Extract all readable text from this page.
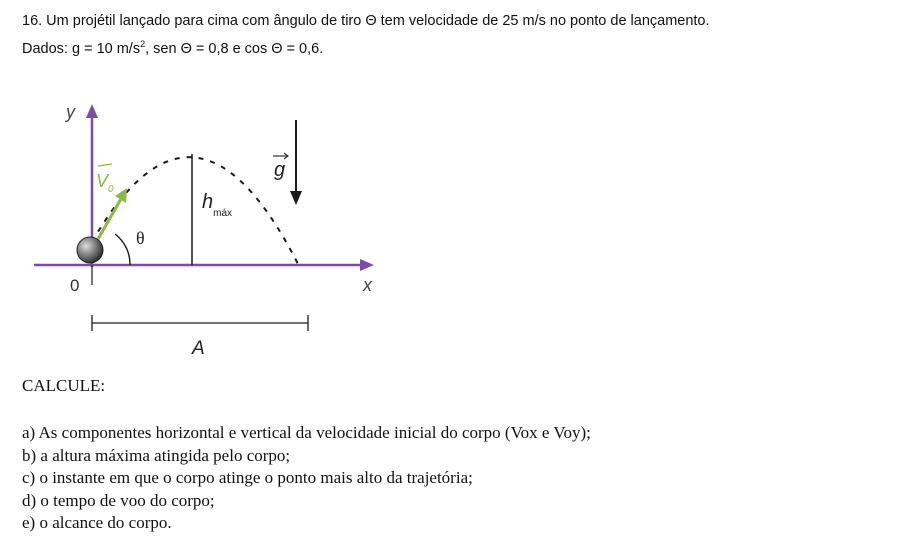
16. Um projétil lançado para cima com ângulo de tiro Θ tem velocidade de 25 m/s no ponto de lançamento.

Dados: g = 10 $m/s^2$, sen Θ = 0,8 e cos Θ = 0,6.

y
x
0
$h_{máx}$
g
θ
$V_0$
A
CALCULE:
a) As componentes horizontal e vertical da velocidade inicial do corpo (Vox e Voy);
b) a altura máxima atingida pelo corpo;
c) o instante em que o corpo atinge o ponto mais alto da trajetória;
d) o tempo de voo do corpo;
e) o alcance do corpo.
